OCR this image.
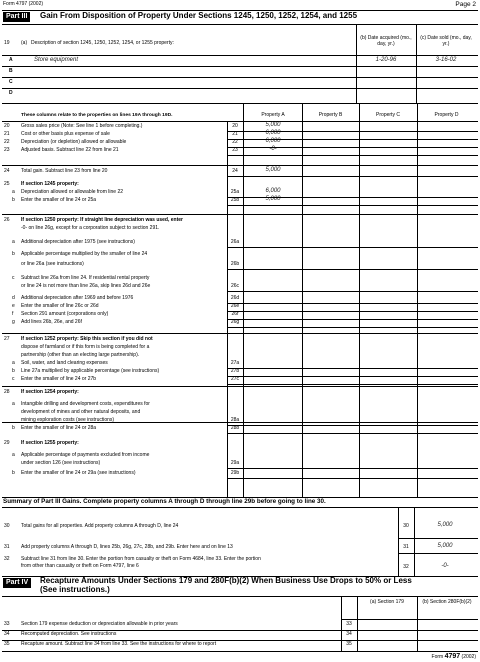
Form 4797 (2002)	Page 2
Part III	Gain From Disposition of Property Under Sections 1245, 1250, 1252, 1254, and 1255
19 (a) Description of section 1245, 1250, 1252, 1254, or 1255 property:
(b) Date acquired (mo., day, yr.)
(c) Date sold (mo., day, yr.)
A	Store equipment	1-20-96	3-16-02
B
C
D
These columns relate to the properties on lines 19A through 19D.	Property A	Property B	Property C	Property D
20 Gross sales price (Note: See line 1 before completing.)	20	5,000
21 Cost or other basis plus expense of sale	21	6,000
22 Depreciation (or depletion) allowed or allowable	22	6,000
23 Adjusted basis. Subtract line 22 from line 21	23	-0-
24 Total gain. Subtract line 23 from line 20	24	5,000
25 If section 1245 property:
a Depreciation allowed or allowable from line 22	25a	6,000
b Enter the smaller of line 24 or 25a	25b	5,000
26 If section 1250 property: If straight line depreciation was used, enter
-0- on line 26g, except for a corporation subject to section 291.
a Additional depreciation after 1975 (see instructions)	26a
b Applicable percentage multiplied by the smaller of line 24
or line 26a (see instructions)	26b
c Subtract line 26a from line 24. If residential rental property
or line 24 is not more than line 26a, skip lines 26d and 26e	26c
d Additional depreciation after 1969 and before 1976	26d
e Enter the smaller of line 26c or 26d	26e
f Section 291 amount (corporations only)	26f
g Add lines 26b, 26e, and 26f	26g
27 If section 1252 property: Skip this section if you did not
dispose of farmland or if this form is being completed for a
partnership (other than an electing large partnership).
a Soil, water, and land clearing expenses	27a
b Line 27a multiplied by applicable percentage (see instructions)	27b
c Enter the smaller of line 24 or 27b	27c
28 If section 1254 property:
a Intangible drilling and development costs, expenditures for
development of mines and other natural deposits, and
mining exploration costs (see instructions)	28a
b Enter the smaller of line 24 or 28a	28b
29 If section 1255 property:
a Applicable percentage of payments excluded from income
under section 126 (see instructions)	29a
b Enter the smaller of line 24 or 29a (see instructions)	29b
Summary of Part III Gains. Complete property columns A through D through line 29b before going to line 30.
30 Total gains for all properties. Add property columns A through D, line 24	30	5,000
31 Add property columns A through D, lines 25b, 26g, 27c, 28b, and 29b. Enter here and on line 13	31	5,000
32 Subtract line 31 from line 30. Enter the portion from casualty or theft on Form 4684, line 33. Enter the portion
from other than casualty or theft on Form 4797, line 6	32	-0-
Part IV	Recapture Amounts Under Sections 179 and 280F(b)(2) When Business Use Drops to 50% or Less
(See instructions.)
(a) Section 179	(b) Section 280F(b)(2)
33 Section 179 expense deduction or depreciation allowable in prior years	33
34 Recomputed depreciation. See instructions	34
35 Recapture amount. Subtract line 34 from line 33. See the instructions for where to report	35
Form 4797 (2002)
